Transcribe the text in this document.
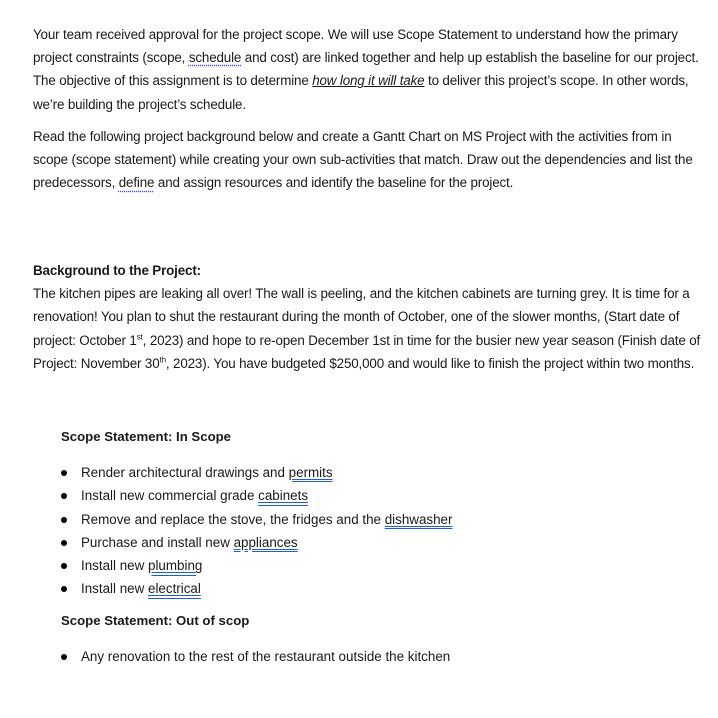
Your team received approval for the project scope. We will use Scope Statement to understand how the primary project constraints (scope, schedule and cost) are linked together and help up establish the baseline for our project. The objective of this assignment is to determine how long it will take to deliver this project’s scope. In other words, we’re building the project’s schedule.
Read the following project background below and create a Gantt Chart on MS Project with the activities from in scope (scope statement) while creating your own sub-activities that match. Draw out the dependencies and list the predecessors, define and assign resources and identify the baseline for the project.
Background to the Project:
The kitchen pipes are leaking all over! The wall is peeling, and the kitchen cabinets are turning grey. It is time for a renovation! You plan to shut the restaurant during the month of October, one of the slower months, (Start date of project: October 1st, 2023) and hope to re-open December 1st in time for the busier new year season (Finish date of Project: November 30th, 2023). You have budgeted $250,000 and would like to finish the project within two months.
Scope Statement: In Scope
Render architectural drawings and permits
Install new commercial grade cabinets
Remove and replace the stove, the fridges and the dishwasher
Purchase and install new appliances
Install new plumbing
Install new electrical
Scope Statement: Out of scop
Any renovation to the rest of the restaurant outside the kitchen
